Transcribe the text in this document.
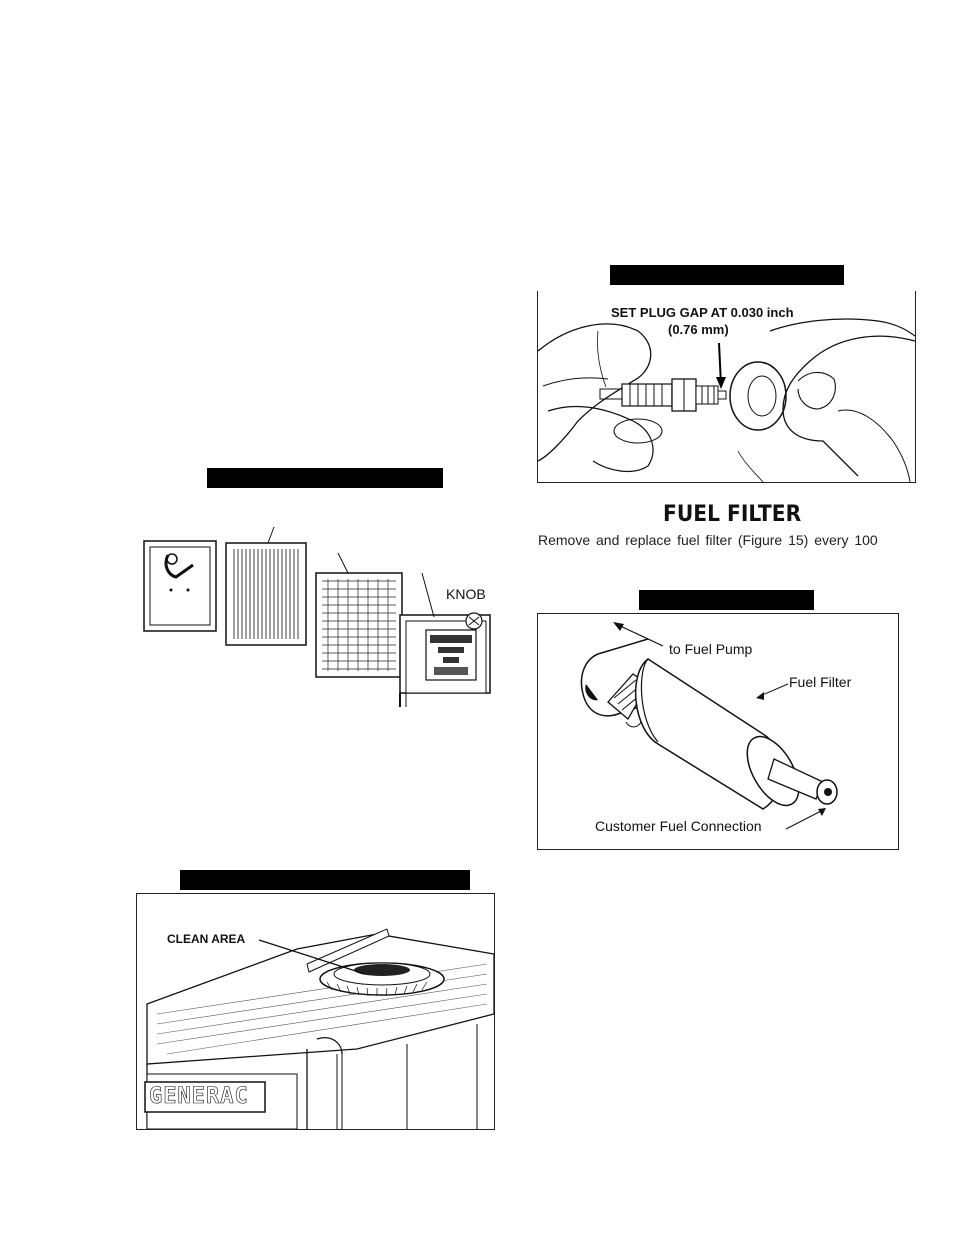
SET PLUG GAP AT 0.030 inch
(0.76 mm)
FUEL FILTER
Remove and replace fuel filter (Figure 15) every 100
to Fuel Pump
Fuel Filter
Customer Fuel Connection
KNOB
CLEAN AREA
GENERAC
